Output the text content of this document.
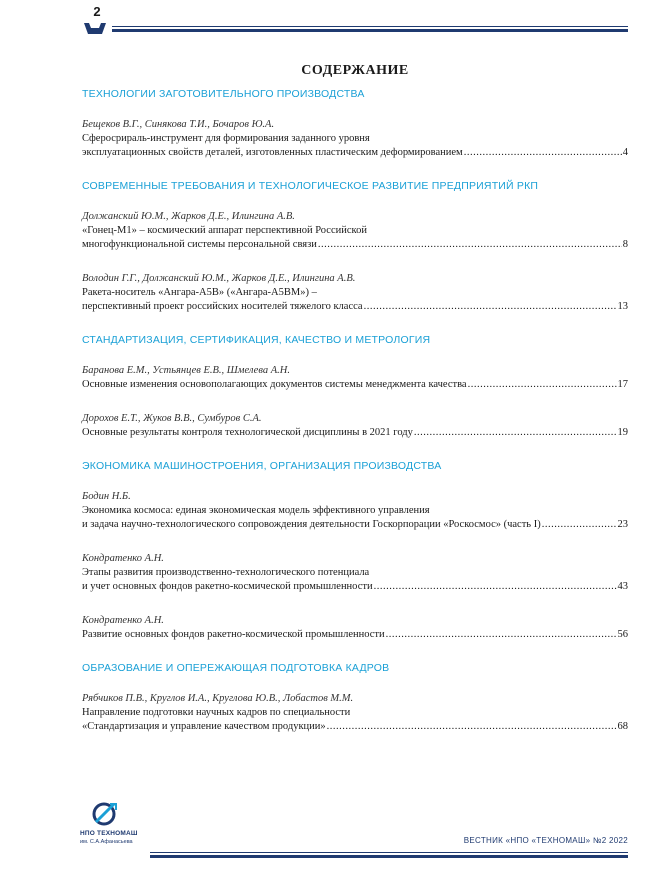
2
СОДЕРЖАНИЕ
ТЕХНОЛОГИИ ЗАГОТОВИТЕЛЬНОГО ПРОИЗВОДСТВА
Бещеков В.Г., Синякова Т.И., Бочаров Ю.А.
Сферосpираль-инструмент для формирования заданного уровня
эксплуатационных свойств деталей, изготовленных пластическим деформированием .....	4
СОВРЕМЕННЫЕ ТРЕБОВАНИЯ И ТЕХНОЛОГИЧЕСКОЕ РАЗВИТИЕ ПРЕДПРИЯТИЙ РКП
Должанский Ю.М., Жарков Д.Е., Илингина А.В.
«Гонец-М1» – космический аппарат перспективной Российской
многофункциональной системы персональной связи .....	8
Володин Г.Г., Должанский Ю.М., Жарков Д.Е., Илингина А.В.
Ракета-носитель «Ангара-А5В» («Ангара-А5ВМ») –
перспективный проект российских носителей тяжелого класса .....	13
СТАНДАРТИЗАЦИЯ, СЕРТИФИКАЦИЯ, КАЧЕСТВО И МЕТРОЛОГИЯ
Баранова Е.М., Устьянцев Е.В., Шмелева А.Н.
Основные изменения основополагающих документов системы менеджмента качества .....	17
Дорохов Е.Т., Жуков В.В., Сумбуров С.А.
Основные результаты контроля технологической дисциплины в 2021 году .....	19
ЭКОНОМИКА МАШИНОСТРОЕНИЯ, ОРГАНИЗАЦИЯ ПРОИЗВОДСТВА
Бодин Н.Б.
Экономика космоса: единая экономическая модель эффективного управления
и задача научно-технологического сопровождения деятельности Госкорпорации «Роскосмос» (часть I) .....	23
Кондратенко А.Н.
Этапы развития производственно-технологического потенциала
и учет основных фондов ракетно-космической промышленности .....	43
Кондратенко А.Н.
Развитие основных фондов ракетно-космической промышленности .....	56
ОБРАЗОВАНИЕ И ОПЕРЕЖАЮЩАЯ ПОДГОТОВКА КАДРОВ
Рябчиков П.В., Круглов И.А., Круглова Ю.В., Лобастов М.М.
Направление подготовки научных кадров по специальности
«Стандартизация и управление качеством продукции» .....	68
НПО ТЕХНОМАШ
им. С.А.Афанасьева	ВЕСТНИК «НПО «ТЕХНОМАШ» №2 2022
